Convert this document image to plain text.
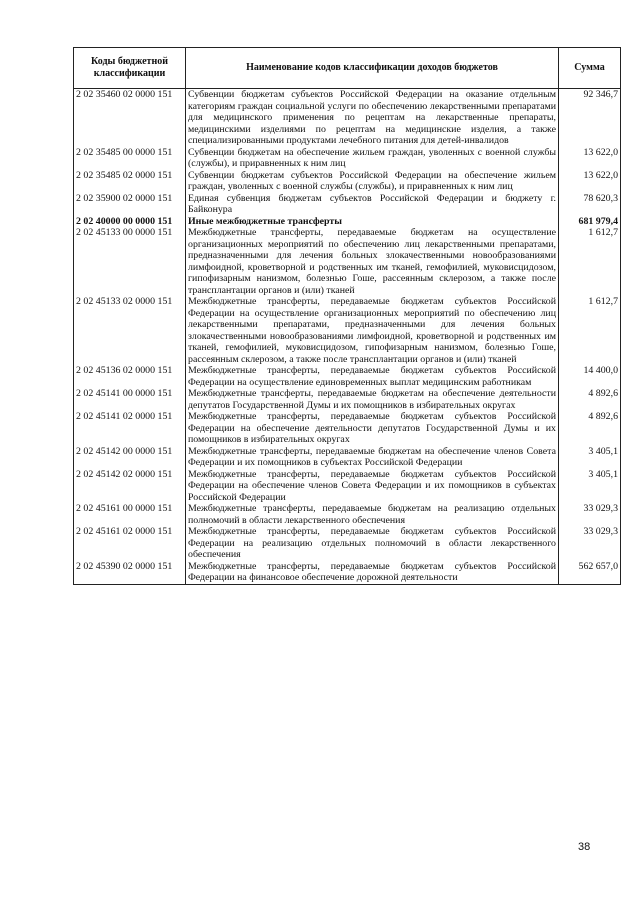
Коды бюджетной классификации	Наименование кодов классификации доходов бюджетов	Сумма
2 02 35460 02 0000 151	Субвенции бюджетам субъектов Российской Федерации на оказание отдельным категориям граждан социальной услуги по обеспечению лекарственными препаратами для медицинского применения по рецептам на лекарственные препараты, медицинскими изделиями по рецептам на медицинские изделия, а также специализированными продуктами лечебного питания для детей-инвалидов	92 346,7
2 02 35485 00 0000 151	Субвенции бюджетам на обеспечение жильем граждан, уволенных с военной службы (службы), и приравненных к ним лиц	13 622,0
2 02 35485 02 0000 151	Субвенции бюджетам субъектов Российской Федерации на обеспечение жильем граждан, уволенных с военной службы (службы), и приравненных к ним лиц	13 622,0
2 02 35900 02 0000 151	Единая субвенция бюджетам субъектов Российской Федерации и бюджету г. Байконура	78 620,3
2 02 40000 00 0000 151	Иные межбюджетные трансферты	681 979,4
2 02 45133 00 0000 151	Межбюджетные трансферты, передаваемые бюджетам на осуществление организационных мероприятий по обеспечению лиц лекарственными препаратами, предназначенными для лечения больных злокачественными новообразованиями лимфоидной, кроветворной и родственных им тканей, гемофилией, муковисцидозом, гипофизарным нанизмом, болезнью Гоше, рассеянным склерозом, а также после трансплантации органов и (или) тканей	1 612,7
2 02 45133 02 0000 151	Межбюджетные трансферты, передаваемые бюджетам субъектов Российской Федерации на осуществление организационных мероприятий по обеспечению лиц лекарственными препаратами, предназначенными для лечения больных злокачественными новообразованиями лимфоидной, кроветворной и родственных им тканей, гемофилией, муковисцидозом, гипофизарным нанизмом, болезнью Гоше, рассеянным склерозом, а также после трансплантации органов и (или) тканей	1 612,7
2 02 45136 02 0000 151	Межбюджетные трансферты, передаваемые бюджетам субъектов Российской Федерации на осуществление единовременных выплат медицинским работникам	14 400,0
2 02 45141 00 0000 151	Межбюджетные трансферты, передаваемые бюджетам на обеспечение деятельности депутатов Государственной Думы и их помощников в избирательных округах	4 892,6
2 02 45141 02 0000 151	Межбюджетные трансферты, передаваемые бюджетам субъектов Российской Федерации на обеспечение деятельности депутатов Государственной Думы и их помощников в избирательных округах	4 892,6
2 02 45142 00 0000 151	Межбюджетные трансферты, передаваемые бюджетам на обеспечение членов Совета Федерации и их помощников в субъектах Российской Федерации	3 405,1
2 02 45142 02 0000 151	Межбюджетные трансферты, передаваемые бюджетам субъектов Российской Федерации на обеспечение членов Совета Федерации и их помощников в субъектах Российской Федерации	3 405,1
2 02 45161 00 0000 151	Межбюджетные трансферты, передаваемые бюджетам на реализацию отдельных полномочий в области лекарственного обеспечения	33 029,3
2 02 45161 02 0000 151	Межбюджетные трансферты, передаваемые бюджетам субъектов Российской Федерации на реализацию отдельных полномочий в области лекарственного обеспечения	33 029,3
2 02 45390 02 0000 151	Межбюджетные трансферты, передаваемые бюджетам субъектов Российской Федерации на финансовое обеспечение дорожной деятельности	562 657,0
38
